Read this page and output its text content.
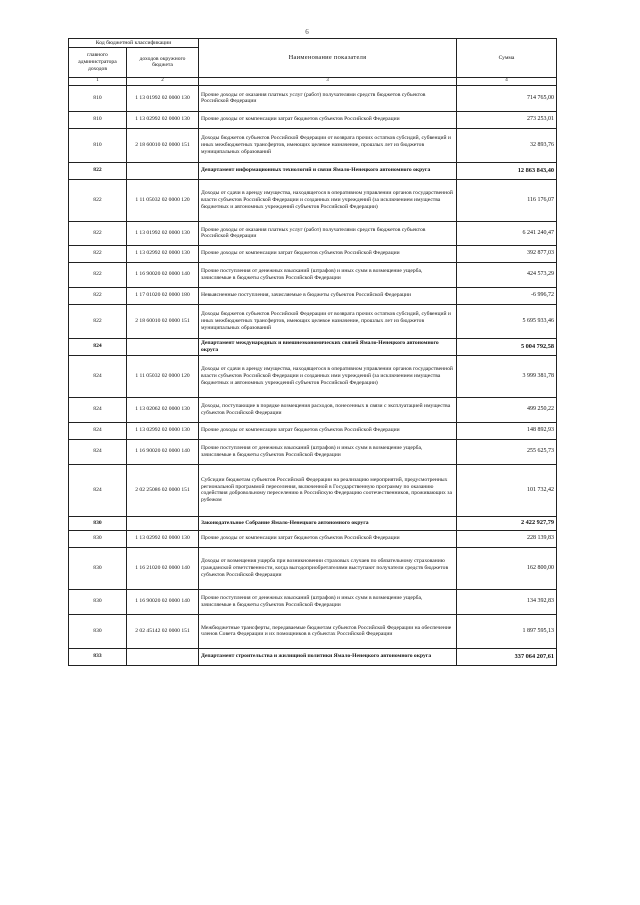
6
Код бюджетной классификации		Наименование показателя	Сумма
главного администратора доходов	доходов окружного бюджета		
1	2	3	4
810	1 13 01992 02 0000 130	Прочие доходы от оказания платных услуг (работ) получателями средств бюджетов субъектов Российской Федерации	714 765,00
810	1 13 02992 02 0000 130	Прочие доходы от компенсации затрат бюджетов субъектов Российской Федерации	273 253,01
810	2 18 60010 02 0000 151	Доходы бюджетов субъектов Российской Федерации от возврата прочих остатков субсидий, субвенций и иных межбюджетных трансфертов, имеющих целевое назначение, прошлых лет из бюджетов муниципальных образований	32 893,76
822		Департамент информационных технологий и связи Ямало-Ненецкого автономного округа	12 863 843,40
822	1 11 05032 02 0000 120	Доходы от сдачи в аренду имущества, находящегося в оперативном управлении органов государственной власти субъектов Российской Федерации и созданных ими учреждений (за исключением имущества бюджетных и автономных учреждений субъектов Российской Федерации)	116 176,07
822	1 13 01992 02 0000 130	Прочие доходы от оказания платных услуг (работ) получателями средств бюджетов субъектов Российской Федерации	6 241 240,47
822	1 13 02992 02 0000 130	Прочие доходы от компенсации затрат бюджетов субъектов Российской Федерации	392 877,03
822	1 16 90020 02 0000 140	Прочие поступления от денежных взысканий (штрафов) и иных сумм в возмещение ущерба, зачисляемые в бюджеты субъектов Российской Федерации	424 573,29
822	1 17 01020 02 0000 180	Невыясненные поступления, зачисляемые в бюджеты субъектов Российской Федерации	-6 996,72
822	2 18 60010 02 0000 151	Доходы бюджетов субъектов Российской Федерации от возврата прочих остатков субсидий, субвенций и иных межбюджетных трансфертов, имеющих целевое назначение, прошлых лет из бюджетов муниципальных образований	5 695 933,46
824		Департамент международных и внешнеэкономических связей Ямало-Ненецкого автономного округа	5 004 792,58
824	1 11 05032 02 0000 120	Доходы от сдачи в аренду имущества, находящегося в оперативном управлении органов государственной власти субъектов Российской Федерации и созданных ими учреждений (за исключением имущества бюджетных и автономных учреждений субъектов Российской Федерации)	3 999 381,78
824	1 13 02062 02 0000 130	Доходы, поступающие в порядке возмещения расходов, понесенных в связи с эксплуатацией имущества субъектов Российской Федерации	499 250,22
824	1 13 02992 02 0000 130	Прочие доходы от компенсации затрат бюджетов субъектов Российской Федерации	148 892,93
824	1 16 90020 02 0000 140	Прочие поступления от денежных взысканий (штрафов) и иных сумм в возмещение ущерба, зачисляемые в бюджеты субъектов Российской Федерации	255 625,73
824	2 02 25086 02 0000 151	Субсидии бюджетам субъектов Российской Федерации на реализацию мероприятий, предусмотренных региональной программой переселения, включенной в Государственную программу по оказанию содействия добровольному переселению в Российскую Федерацию соотечественников, проживающих за рубежом	101 732,42
830		Законодательное Собрание Ямало-Ненецкого автономного округа	2 422 927,79
830	1 13 02992 02 0000 130	Прочие доходы от компенсации затрат бюджетов субъектов Российской Федерации	228 139,83
830	1 16 21020 02 0000 140	Доходы от возмещения ущерба при возникновении страховых случаев по обязательному страхованию гражданской ответственности, когда выгодоприобретателями выступают получатели средств бюджетов субъектов Российской Федерации	162 800,00
830	1 16 90020 02 0000 140	Прочие поступления от денежных взысканий (штрафов) и иных сумм в возмещение ущерба, зачисляемые в бюджеты субъектов Российской Федерации	134 392,83
830	2 02 45142 02 0000 151	Межбюджетные трансферты, передаваемые бюджетам субъектов Российской Федерации на обеспечение членов Совета Федерации и их помощников в субъектах Российской Федерации	1 897 595,13
833		Департамент строительства и жилищной политики Ямало-Ненецкого автономного округа	337 064 207,61
